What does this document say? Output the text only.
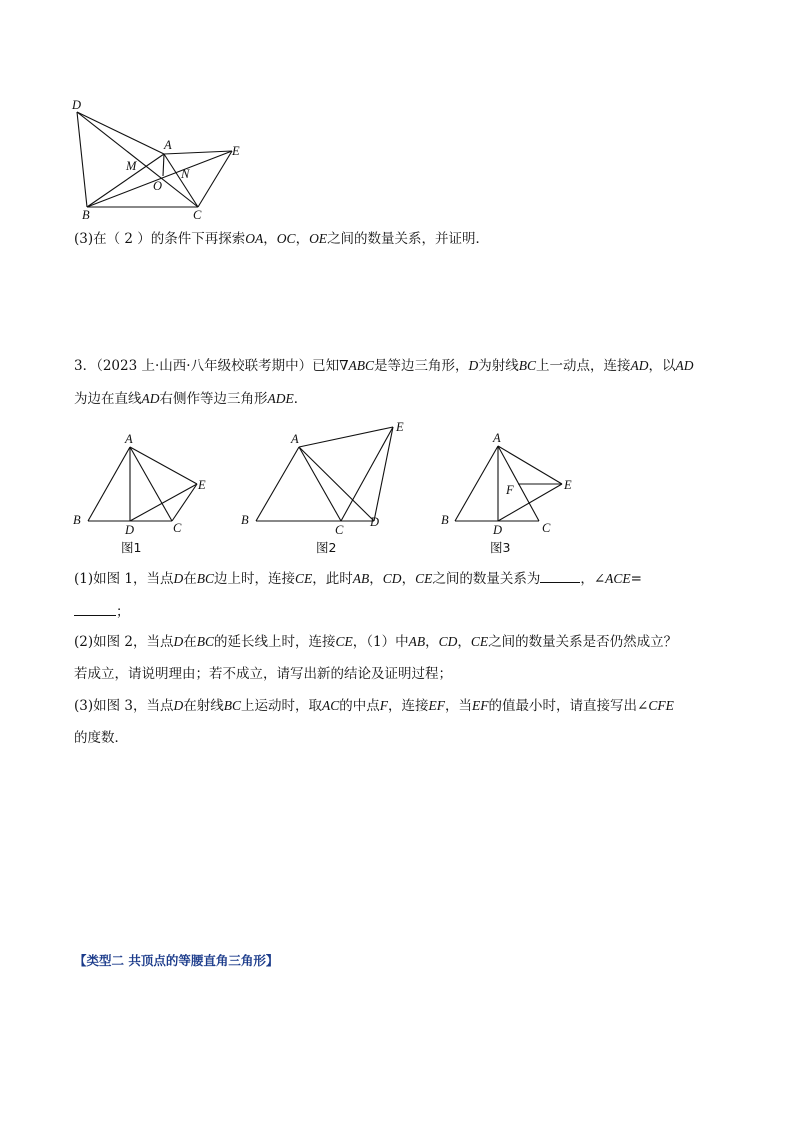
D
A	E
M
N
O
B	C
(3)在（ 2 ）的条件下再探索OA，OC，OE之间的数量关系，并证明．
3．（2023 上·山西·八年级校联考期中）已知∇ABC是等边三角形，D为射线BC上一动点，连接AD，以AD
为边在直线AD右侧作等边三角形ADE．
A
B
C
D
E
图1
A
B
C
D
E
图2
A
B
C
D
E
F
图3
(1)如图 1，当点D在BC边上时，连接CE，此时AB，CD，CE之间的数量关系为	，∠ACE=
；
(2)如图 2，当点D在BC的延长线上时，连接CE，（1）中AB，CD，CE之间的数量关系是否仍然成立？
若成立，请说明理由；若不成立，请写出新的结论及证明过程；
(3)如图 3，当点D在射线BC上运动时，取AC的中点F，连接EF，当EF的值最小时，请直接写出∠CFE
的度数．
【类型二 共顶点的等腰直角三角形】
